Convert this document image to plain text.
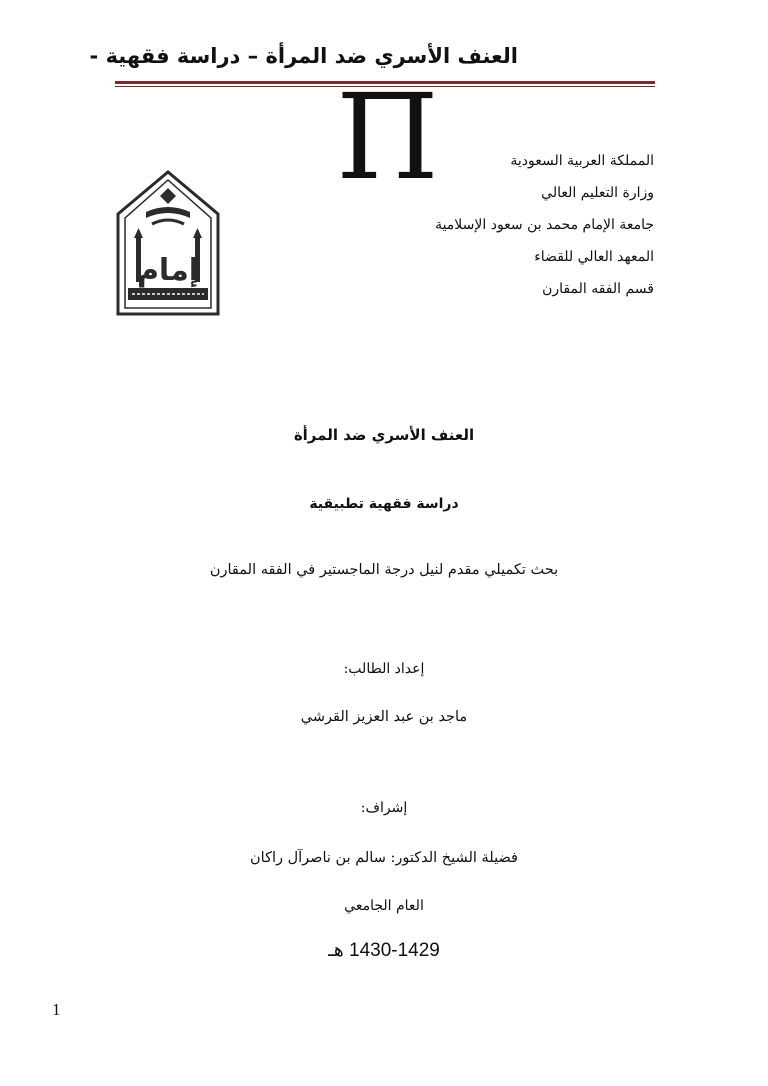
العنف الأسري ضد المرأة – دراسة فقهية -
Π	المملكة العربية السعودية
وزارة التعليم العالي
جامعة الإمام محمد بن سعود الإسلامية
المعهد العالي للقضاء
قسم الفقه المقارن
إمام
العنف الأسري ضد المرأة
دراسة فقهية تطبيقية
بحث تكميلي مقدم لنيل درجة الماجستير في الفقه المقارن
إعداد الطالب:
ماجد بن عبد العزيز القرشي
إشراف:
فضيلة الشيخ الدكتور: سالم بن ناصرآل راكان
العام الجامعي
1430-1429 هـ
1
